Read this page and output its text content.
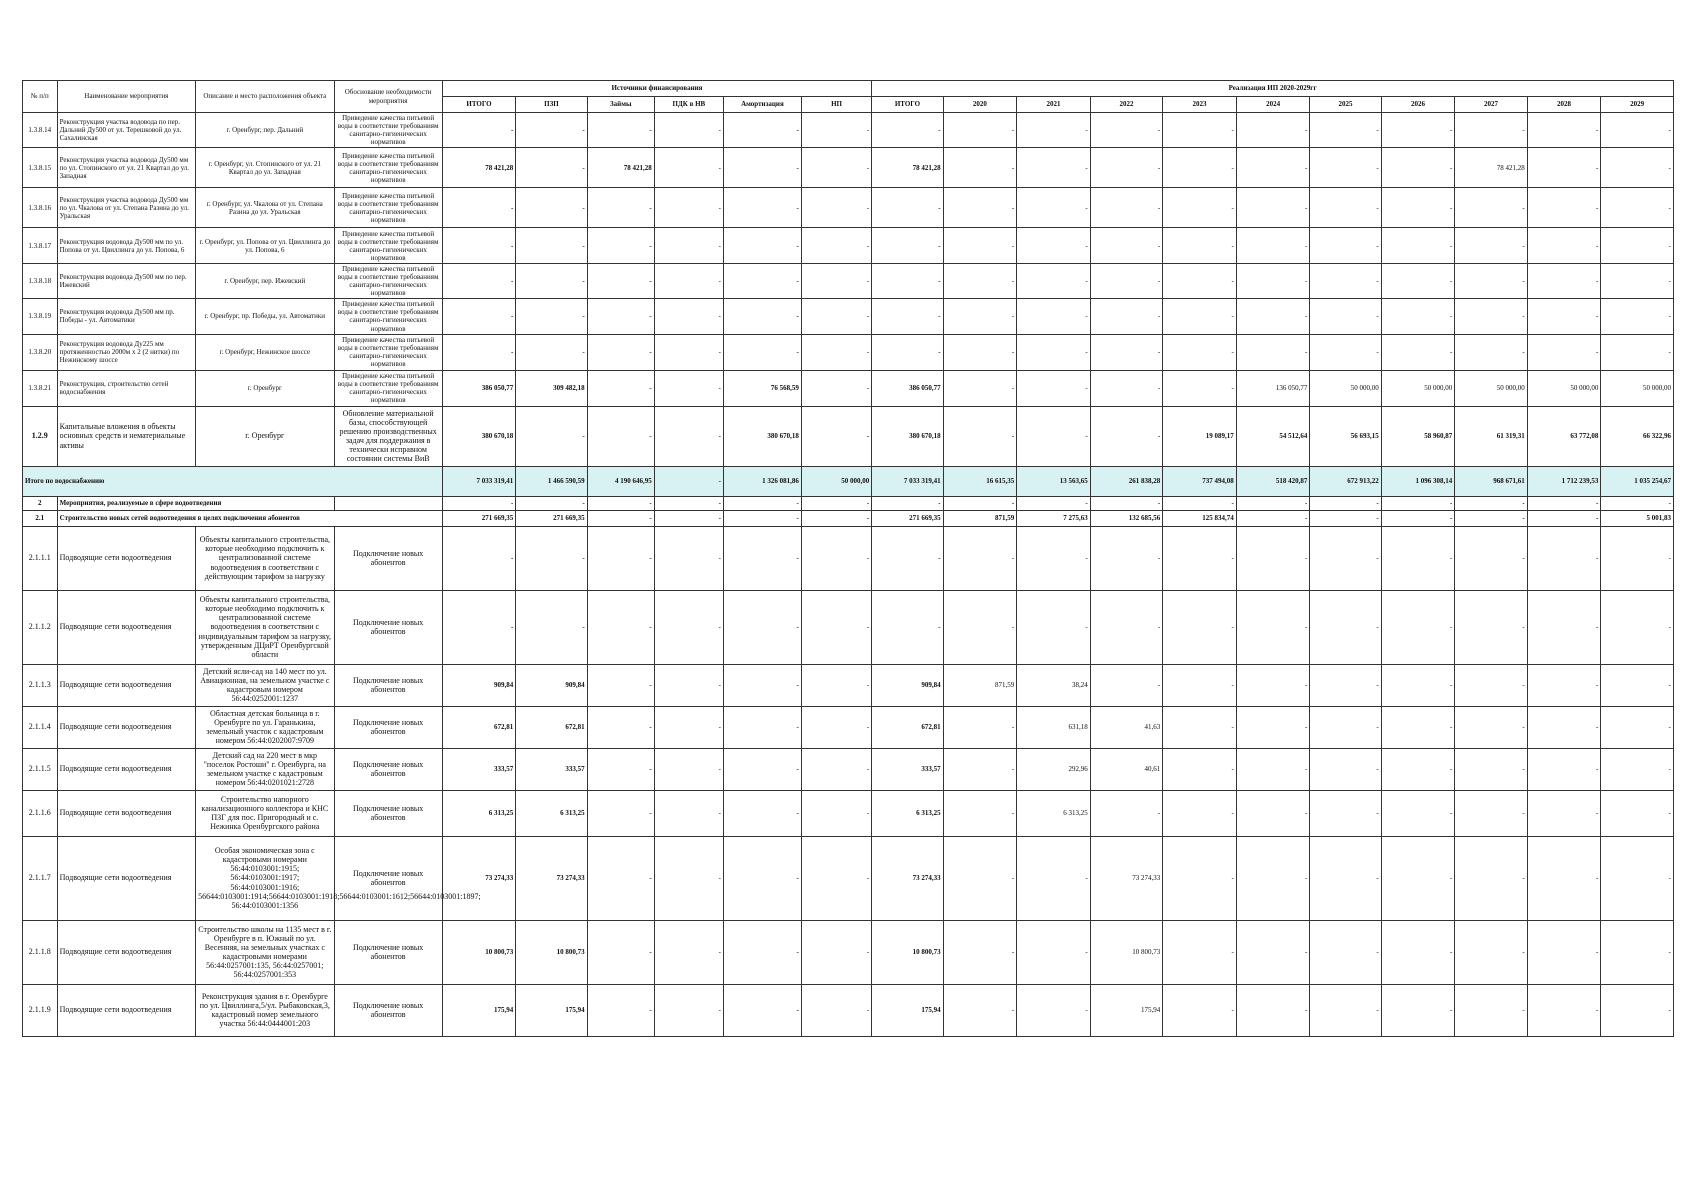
№ п/п	Наименование мероприятия	Описание и место расположения объекта	Обоснование необходимости мероприятия	Источники финансирования						Реализация ИП 2020-2029гг										
				ИТОГО	ПЗП	Займы	ПДК в НВ	Амортизация	НП	ИТОГО	2020	2021	2022	2023	2024	2025	2026	2027	2028	2029
1.3.8.14	Реконструкция участка водовода по пер. Дальний Ду500 от ул. Терешковой до ул. Сахалинская	г. Оренбург, пер. Дальний	Приведение качества питьевой воды в соответствие требованиям санитарно-гигиенических нормативов	-	-	-	-	-	-	-	-	-	-	-	-	-	-	-	-	-
1.3.8.15	Реконструкция участка водовода Ду500 мм по ул. Стопинского от ул. 21 Квартал до ул. Западная	г. Оренбург, ул. Стопинского от ул. 21 Квартал до ул. Западная	Приведение качества питьевой воды в соответствие требованиям санитарно-гигиенических нормативов	78 421,28	-	78 421,28	-	-	-	78 421,28	-	-	-	-	-	-	-	78 421,28	-	-
1.3.8.16	Реконструкция участка водовода Ду500 мм по ул. Чкалова от ул. Степана Разина до ул. Уральская	г. Оренбург, ул. Чкалова от ул. Степана Разина до ул. Уральская	Приведение качества питьевой воды в соответствие требованиям санитарно-гигиенических нормативов	-	-	-	-	-	-	-	-	-	-	-	-	-	-	-	-	-
1.3.8.17	Реконструкция водовода Ду500 мм по ул. Попова от ул. Цвиллинга до ул. Попова, 6	г. Оренбург, ул. Попова от ул. Цвиллинга до ул. Попова, 6	Приведение качества питьевой воды в соответствие требованиям санитарно-гигиенических нормативов	-	-	-	-	-	-	-	-	-	-	-	-	-	-	-	-	-
1.3.8.18	Реконструкция водовода Ду500 мм по пер. Ижевский	г. Оренбург, пер. Ижевский	Приведение качества питьевой воды в соответствие требованиям санитарно-гигиенических нормативов	-	-	-	-	-	-	-	-	-	-	-	-	-	-	-	-	-
1.3.8.19	Реконструкция водовода Ду500 мм пр. Победы - ул. Автоматики	г. Оренбург, пр. Победы, ул. Автоматики	Приведение качества питьевой воды в соответствие требованиям санитарно-гигиенических нормативов	-	-	-	-	-	-	-	-	-	-	-	-	-	-	-	-	-
1.3.8.20	Реконструкция водовода Ду225 мм протяженностью 2000м х 2 (2 нитки) по Нежинскому шоссе	г. Оренбург, Нежинское шоссе	Приведение качества питьевой воды в соответствие требованиям санитарно-гигиенических нормативов	-	-	-	-	-	-	-	-	-	-	-	-	-	-	-	-	-
1.3.8.21	Реконструкция, строительство сетей водоснабжения	г. Оренбург	Приведение качества питьевой воды в соответствие требованиям санитарно-гигиенических нормативов	386 050,77	309 482,18	-	-	76 568,59	-	386 050,77	-	-	-	-	136 050,77	50 000,00	50 000,00	50 000,00	50 000,00	50 000,00
1.2.9	Капитальные вложения в объекты основных средств и нематериальные активы	г. Оренбург	Обновление материальной базы, способствующей решению производственных задач для поддержания в технически исправном состоянии системы ВиВ	380 670,18	-	-	-	380 670,18	-	380 670,18	-	-	-	19 089,17	54 512,64	56 693,15	58 960,87	61 319,31	63 772,08	66 322,96
Итого по водоснабжению				7 033 319,41	1 466 590,59	4 190 646,95	-	1 326 081,86	50 000,00	7 033 319,41	16 615,35	13 563,65	261 838,28	737 494,08	518 420,87	672 913,22	1 096 308,14	968 671,61	1 712 239,53	1 035 254,67
2	Мероприятия, реализуемые в сфере водоотведения			-	-	-	-	-	-	-	-	-	-	-	-	-	-	-	-	-
2.1	Строительство новых сетей водоотведения в целях подключения абонентов			271 669,35	271 669,35	-	-	-	-	271 669,35	871,59	7 275,63	132 685,56	125 834,74	-	-	-	-	-	5 001,83
2.1.1.1	Подводящие сети водоотведения	Объекты капитального строительства, которые необходимо подключить к централизованной системе водоотведения в соответствии с действующим тарифом за нагрузку	Подключение новых абонентов	-	-	-	-	-	-	-	-	-	-	-	-	-	-	-	-	-
2.1.1.2	Подводящие сети водоотведения	Объекты капитального строительства, которые необходимо подключить к централизованной системе водоотведения в соответствии с индивидуальным тарифом за нагрузку, утвержденным ДЦиРТ Оренбургской области	Подключение новых абонентов	-	-	-	-	-	-	-	-	-	-	-	-	-	-	-	-	-
2.1.1.3	Подводящие сети водоотведения	Детский ясли-сад на 140 мест по ул. Авиационная, на земельном участке с кадастровым номером 56:44:0252001:1237	Подключение новых абонентов	909,84	909,84	-	-	-	-	909,84	871,59	38,24	-	-	-	-	-	-	-	-
2.1.1.4	Подводящие сети водоотведения	Областная детская больница в г. Оренбурге по ул. Гаранькина, земельный участок с кадастровым номером 56:44:0202007:9709	Подключение новых абонентов	672,81	672,81	-	-	-	-	672,81	-	631,18	41,63	-	-	-	-	-	-	-
2.1.1.5	Подводящие сети водоотведения	Детский сад на 220 мест в мкр "поселок Ростоши" г. Оренбурга, на земельном участке с кадастровым номером 56:44:0201021:2728	Подключение новых абонентов	333,57	333,57	-	-	-	-	333,57	-	292,96	40,61	-	-	-	-	-	-	-
2.1.1.6	Подводящие сети водоотведения	Строительство напорного канализационного коллектора и КНС ПЗГ для пос. Пригородный и с. Нежинка Оренбургского района	Подключение новых абонентов	6 313,25	6 313,25	-	-	-	-	6 313,25	-	6 313,25	-	-	-	-	-	-	-	-
2.1.1.7	Подводящие сети водоотведения	Особая экономическая зона с кадастровыми номерами 56:44:0103001:1915; 56:44:0103001:1917; 56:44:0103001:1916; 56644:0103001:1914;56644:0103001:1918;56644:0103001:1612;56644:0103001:1897; 56:44:0103001:1356	Подключение новых абонентов	73 274,33	73 274,33	-	-	-	-	73 274,33	-	-	73 274,33	-	-	-	-	-	-	-
2.1.1.8	Подводящие сети водоотведения	Строительство школы на 1135 мест в г. Оренбурге в п. Южный по ул. Весенняя, на земельных участках с кадастровыми номерами 56:44:0257001:135, 56:44:0257001; 56:44:0257001:353	Подключение новых абонентов	10 800,73	10 800,73	-	-	-	-	10 800,73	-	-	10 800,73	-	-	-	-	-	-	-
2.1.1.9	Подводящие сети водоотведения	Реконструкция здания в г. Оренбурге по ул. Цвиллинга,5/ул. Рыбаковская,3, кадастровый номер земельного участка 56:44:0444001:203	Подключение новых абонентов	175,94	175,94	-	-	-	-	175,94	-	-	175,94	-	-	-	-	-	-	-
